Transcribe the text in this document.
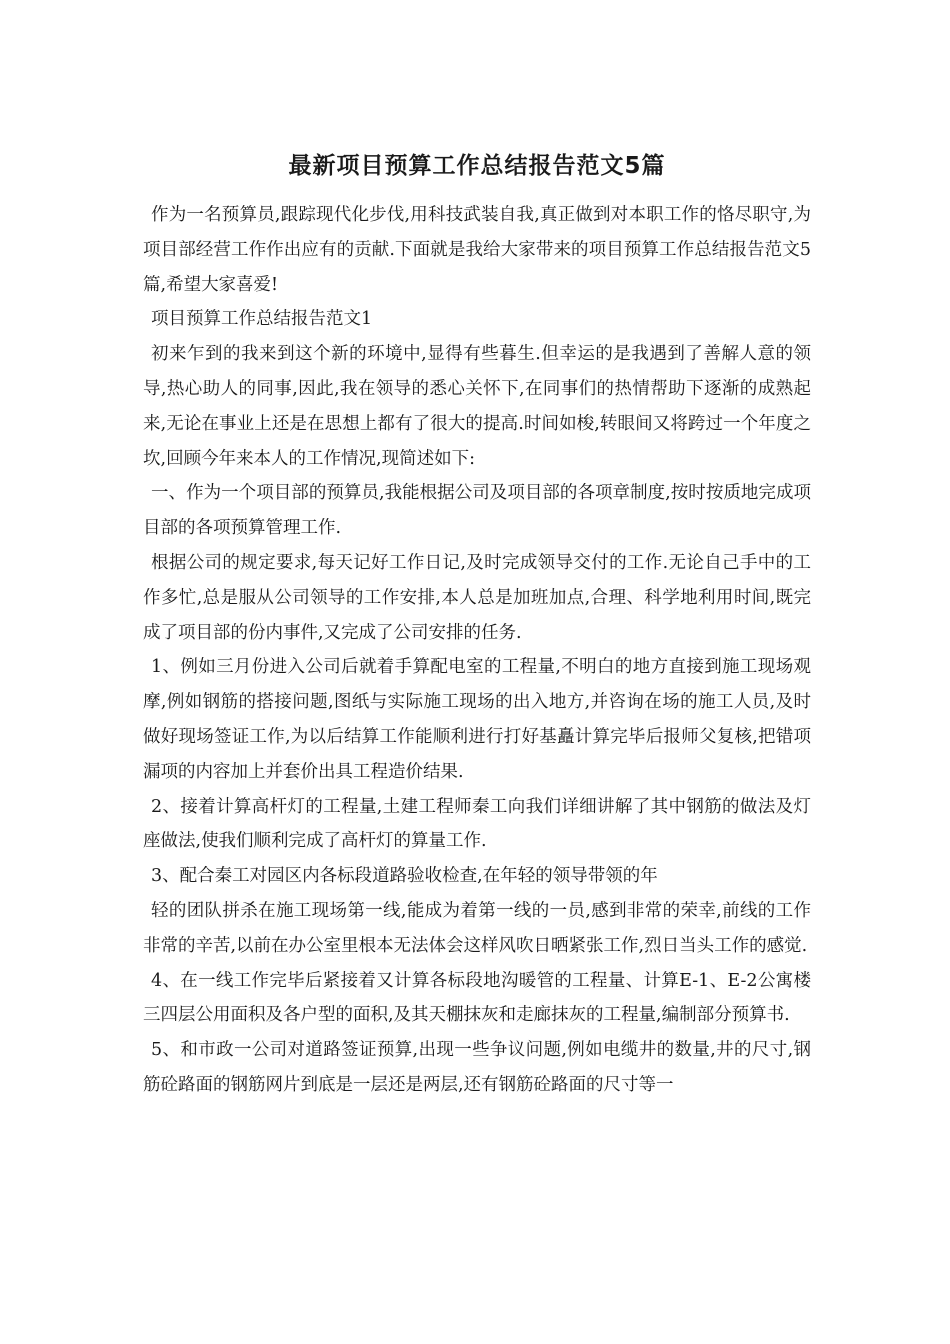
最新项目预算工作总结报告范文5篇

作为一名预算员,跟踪现代化步伐,用科技武装自我,真正做到对本职工作的恪尽职守,为项目部经营工作作出应有的贡献.下面就是我给大家带来的项目预算工作总结报告范文5篇,希望大家喜爱!

项目预算工作总结报告范文1

初来乍到的我来到这个新的环境中,显得有些暮生.但幸运的是我遇到了善解人意的领导,热心助人的同事,因此,我在领导的悉心关怀下,在同事们的热情帮助下逐渐的成熟起来,无论在事业上还是在思想上都有了很大的提高.时间如梭,转眼间又将跨过一个年度之坎,回顾今年来本人的工作情况,现简述如下:

一、作为一个项目部的预算员,我能根据公司及项目部的各项章制度,按时按质地完成项目部的各项预算管理工作.

根据公司的规定要求,每天记好工作日记,及时完成领导交付的工作.无论自己手中的工作多忙,总是服从公司领导的工作安排,本人总是加班加点,合理、科学地利用时间,既完成了项目部的份内事件,又完成了公司安排的任务.

1、例如三月份进入公司后就着手算配电室的工程量,不明白的地方直接到施工现场观摩,例如钢筋的搭接问题,图纸与实际施工现场的出入地方,并咨询在场的施工人员,及时做好现场签证工作,为以后结算工作能顺利进行打好基矗计算完毕后报师父复核,把错项漏项的内容加上并套价出具工程造价结果.

2、接着计算高杆灯的工程量,土建工程师秦工向我们详细讲解了其中钢筋的做法及灯座做法,使我们顺利完成了高杆灯的算量工作.

3、配合秦工对园区内各标段道路验收检查,在年轻的领导带领的年

轻的团队拼杀在施工现场第一线,能成为着第一线的一员,感到非常的荣幸,前线的工作非常的辛苦,以前在办公室里根本无法体会这样风吹日晒紧张工作,烈日当头工作的感觉.

4、在一线工作完毕后紧接着又计算各标段地沟暖管的工程量、计算E-1、E-2公寓楼三四层公用面积及各户型的面积,及其天棚抹灰和走廊抹灰的工程量,编制部分预算书.

5、和市政一公司对道路签证预算,出现一些争议问题,例如电缆井的数量,井的尺寸,钢筋砼路面的钢筋网片到底是一层还是两层,还有钢筋砼路面的尺寸等一
